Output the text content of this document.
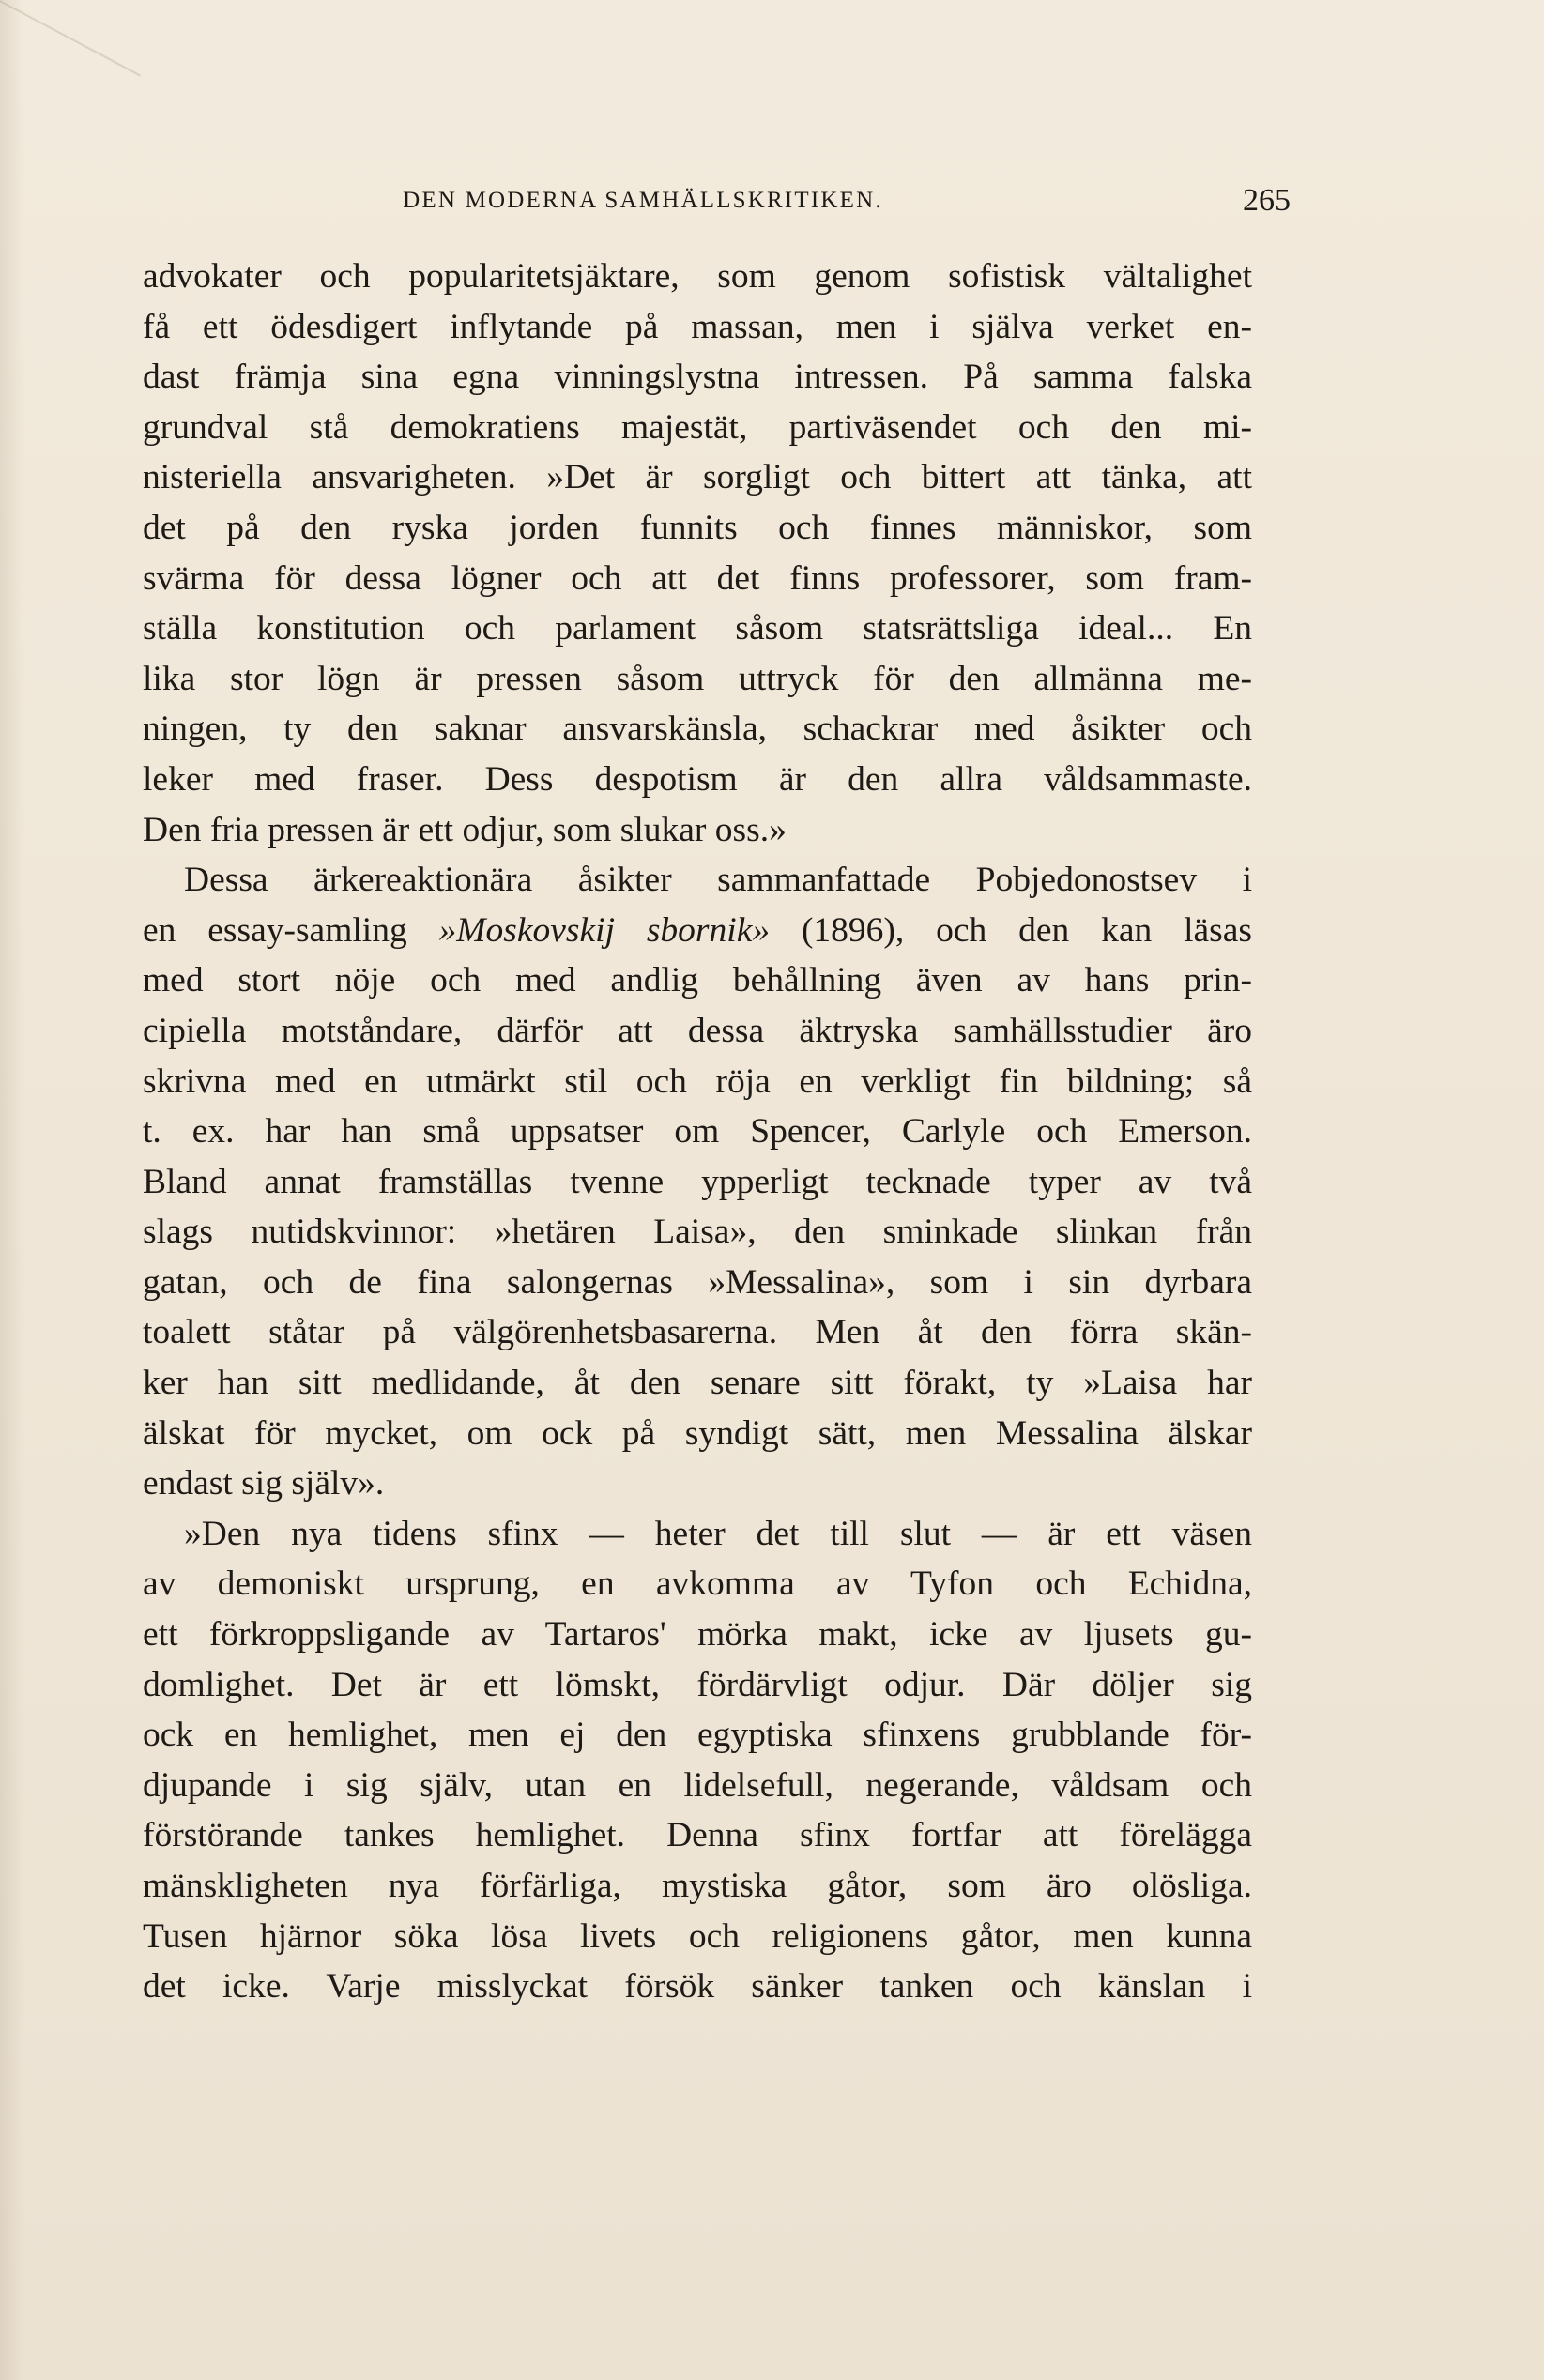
DEN MODERNA SAMHÄLLSKRITIKEN.	265
advokater och popularitetsjäktare, som genom sofistisk vältalighet
få ett ödesdigert inflytande på massan, men i själva verket en-
dast främja sina egna vinningslystna intressen. På samma falska
grundval stå demokratiens majestät, partiväsendet och den mi-
nisteriella ansvarigheten. »Det är sorgligt och bittert att tänka, att
det på den ryska jorden funnits och finnes människor, som
svärma för dessa lögner och att det finns professorer, som fram-
ställa konstitution och parlament såsom statsrättsliga ideal... En
lika stor lögn är pressen såsom uttryck för den allmänna me-
ningen, ty den saknar ansvarskänsla, schackrar med åsikter och
leker med fraser. Dess despotism är den allra våldsammaste.
Den fria pressen är ett odjur, som slukar oss.»
Dessa ärkereaktionära åsikter sammanfattade Pobjedonostsev i
en essay-samling »Moskovskij sbornik» (1896), och den kan läsas
med stort nöje och med andlig behållning även av hans prin-
cipiella motståndare, därför att dessa äktryska samhällsstudier äro
skrivna med en utmärkt stil och röja en verkligt fin bildning; så
t. ex. har han små uppsatser om Spencer, Carlyle och Emerson.
Bland annat framställas tvenne ypperligt tecknade typer av två
slags nutidskvinnor: »hetären Laisa», den sminkade slinkan från
gatan, och de fina salongernas »Messalina», som i sin dyrbara
toalett ståtar på välgörenhetsbasarerna. Men åt den förra skän-
ker han sitt medlidande, åt den senare sitt förakt, ty »Laisa har
älskat för mycket, om ock på syndigt sätt, men Messalina älskar
endast sig själv».
»Den nya tidens sfinx — heter det till slut — är ett väsen
av demoniskt ursprung, en avkomma av Tyfon och Echidna,
ett förkroppsligande av Tartaros' mörka makt, icke av ljusets gu-
domlighet. Det är ett lömskt, fördärvligt odjur. Där döljer sig
ock en hemlighet, men ej den egyptiska sfinxens grubblande för-
djupande i sig själv, utan en lidelsefull, negerande, våldsam och
förstörande tankes hemlighet. Denna sfinx fortfar att förelägga
mänskligheten nya förfärliga, mystiska gåtor, som äro olösliga.
Tusen hjärnor söka lösa livets och religionens gåtor, men kunna
det icke. Varje misslyckat försök sänker tanken och känslan i
